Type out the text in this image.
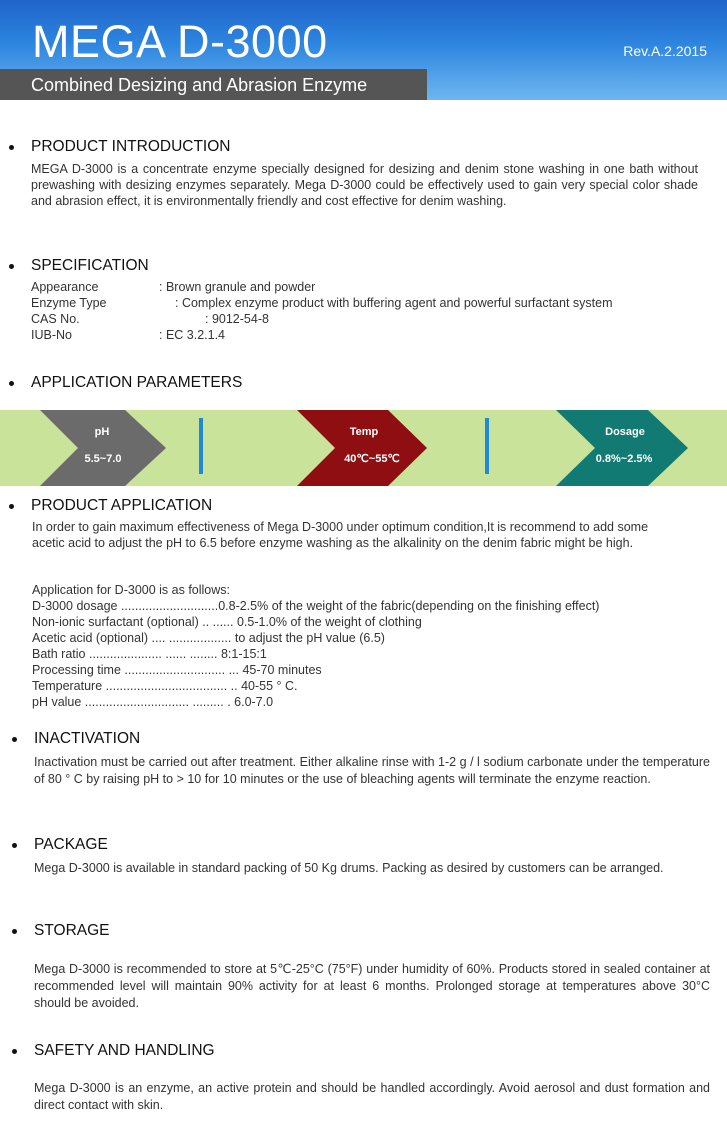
MEGA D-3000	Rev.A.2.2015
Combined Desizing and Abrasion Enzyme
PRODUCT INTRODUCTION
MEGA D-3000 is a concentrate enzyme specially designed for desizing and denim stone washing in one bath without prewashing with desizing enzymes separately. Mega D-3000 could be effectively used to gain very special color shade and abrasion effect, it is environmentally friendly and cost effective for denim washing.
SPECIFICATION
Appearance	: Brown granule and powder
Enzyme Type	: Complex enzyme product with buffering agent and powerful surfactant system
CAS No.	: 9012-54-8
IUB-No	: EC 3.2.1.4
APPLICATION PARAMETERS
pH
5.5~7.0
Temp
40℃~55℃
Dosage
0.8%~2.5%
PRODUCT APPLICATION
In order to gain maximum effectiveness of Mega D-3000 under optimum condition,It is recommend to add some acetic acid to adjust the pH to 6.5 before enzyme washing as the alkalinity on the denim fabric might be high.
Application for D-3000 is as follows:
D-3000 dosage ............................0.8-2.5% of the weight of the fabric(depending on the finishing effect)
Non-ionic surfactant (optional) .. ...... 0.5-1.0% of the weight of clothing
Acetic acid (optional) .... .................. to adjust the pH value (6.5)
Bath ratio ..................... ...... ........ 8:1-15:1
Processing time ............................. ... 45-70 minutes
Temperature ................................... .. 40-55 ° C.
pH value .............................. ......... . 6.0-7.0
INACTIVATION
Inactivation must be carried out after treatment. Either alkaline rinse with 1-2 g / l sodium carbonate under the temperature of 80 ° C by raising pH to > 10 for 10 minutes or the use of bleaching agents will terminate the enzyme reaction.
PACKAGE
Mega D-3000 is available in standard packing of 50 Kg drums. Packing as desired by customers can be arranged.
STORAGE
Mega D-3000 is recommended to store at 5℃-25°C (75°F) under humidity of 60%. Products stored in sealed container at recommended level will maintain 90% activity for at least 6 months. Prolonged storage at temperatures above 30°C should be avoided.
SAFETY AND HANDLING
Mega D-3000 is an enzyme, an active protein and should be handled accordingly. Avoid aerosol and dust formation and direct contact with skin.
